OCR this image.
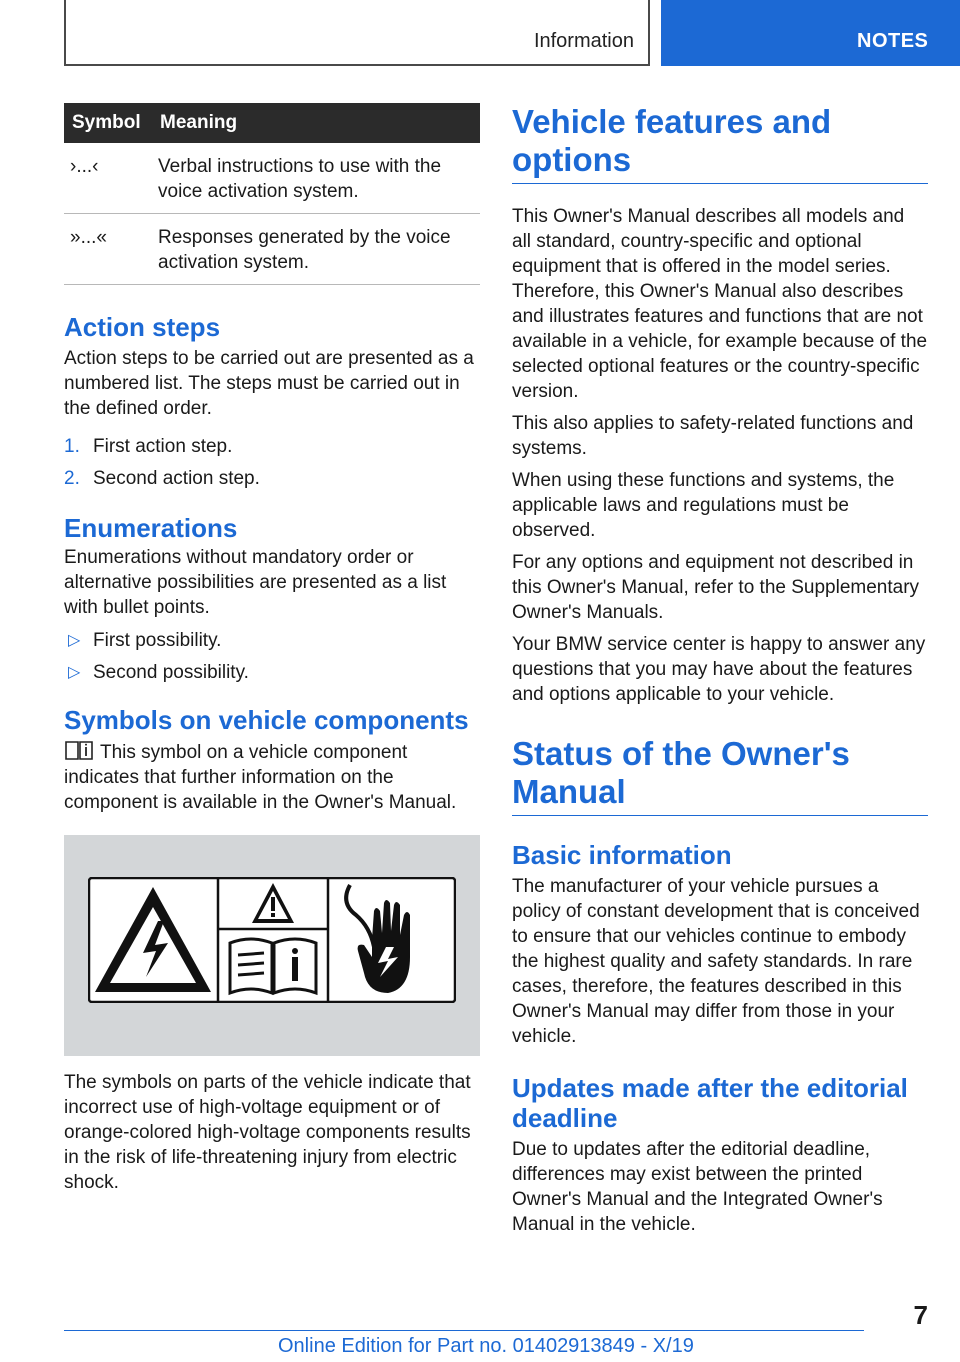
Information	NOTES
Symbol	Meaning
›...‹	Verbal instructions to use with the voice activation system.
»...«	Responses generated by the voice activation system.
Action steps

Action steps to be carried out are presented as a numbered list. The steps must be carried out in the defined order.

1. First action step.
2. Second action step.
Enumerations

Enumerations without mandatory order or alternative possibilities are presented as a list with bullet points.

▷ First possibility.
▷ Second possibility.
Symbols on vehicle components

This symbol on a vehicle component indicates that further information on the component is available in the Owner's Manual.

The symbols on parts of the vehicle indicate that incorrect use of high-voltage equipment or of orange-colored high-voltage components results in the risk of life-threatening injury from electric shock.

Vehicle features and options

This Owner's Manual describes all models and all standard, country-specific and optional equipment that is offered in the model series. Therefore, this Owner's Manual also describes and illustrates features and functions that are not available in a vehicle, for example because of the selected optional features or the country-specific version.

This also applies to safety-related functions and systems.

When using these functions and systems, the applicable laws and regulations must be observed.

For any options and equipment not described in this Owner's Manual, refer to the Supplementary Owner's Manuals.

Your BMW service center is happy to answer any questions that you may have about the features and options applicable to your vehicle.

Status of the Owner's Manual
Basic information

The manufacturer of your vehicle pursues a policy of constant development that is conceived to ensure that our vehicles continue to embody the highest quality and safety standards. In rare cases, therefore, the features described in this Owner's Manual may differ from those in your vehicle.

Updates made after the editorial deadline

Due to updates after the editorial deadline, differences may exist between the printed Owner's Manual and the Integrated Owner's Manual in the vehicle.

7
Online Edition for Part no. 01402913849 - X/19
